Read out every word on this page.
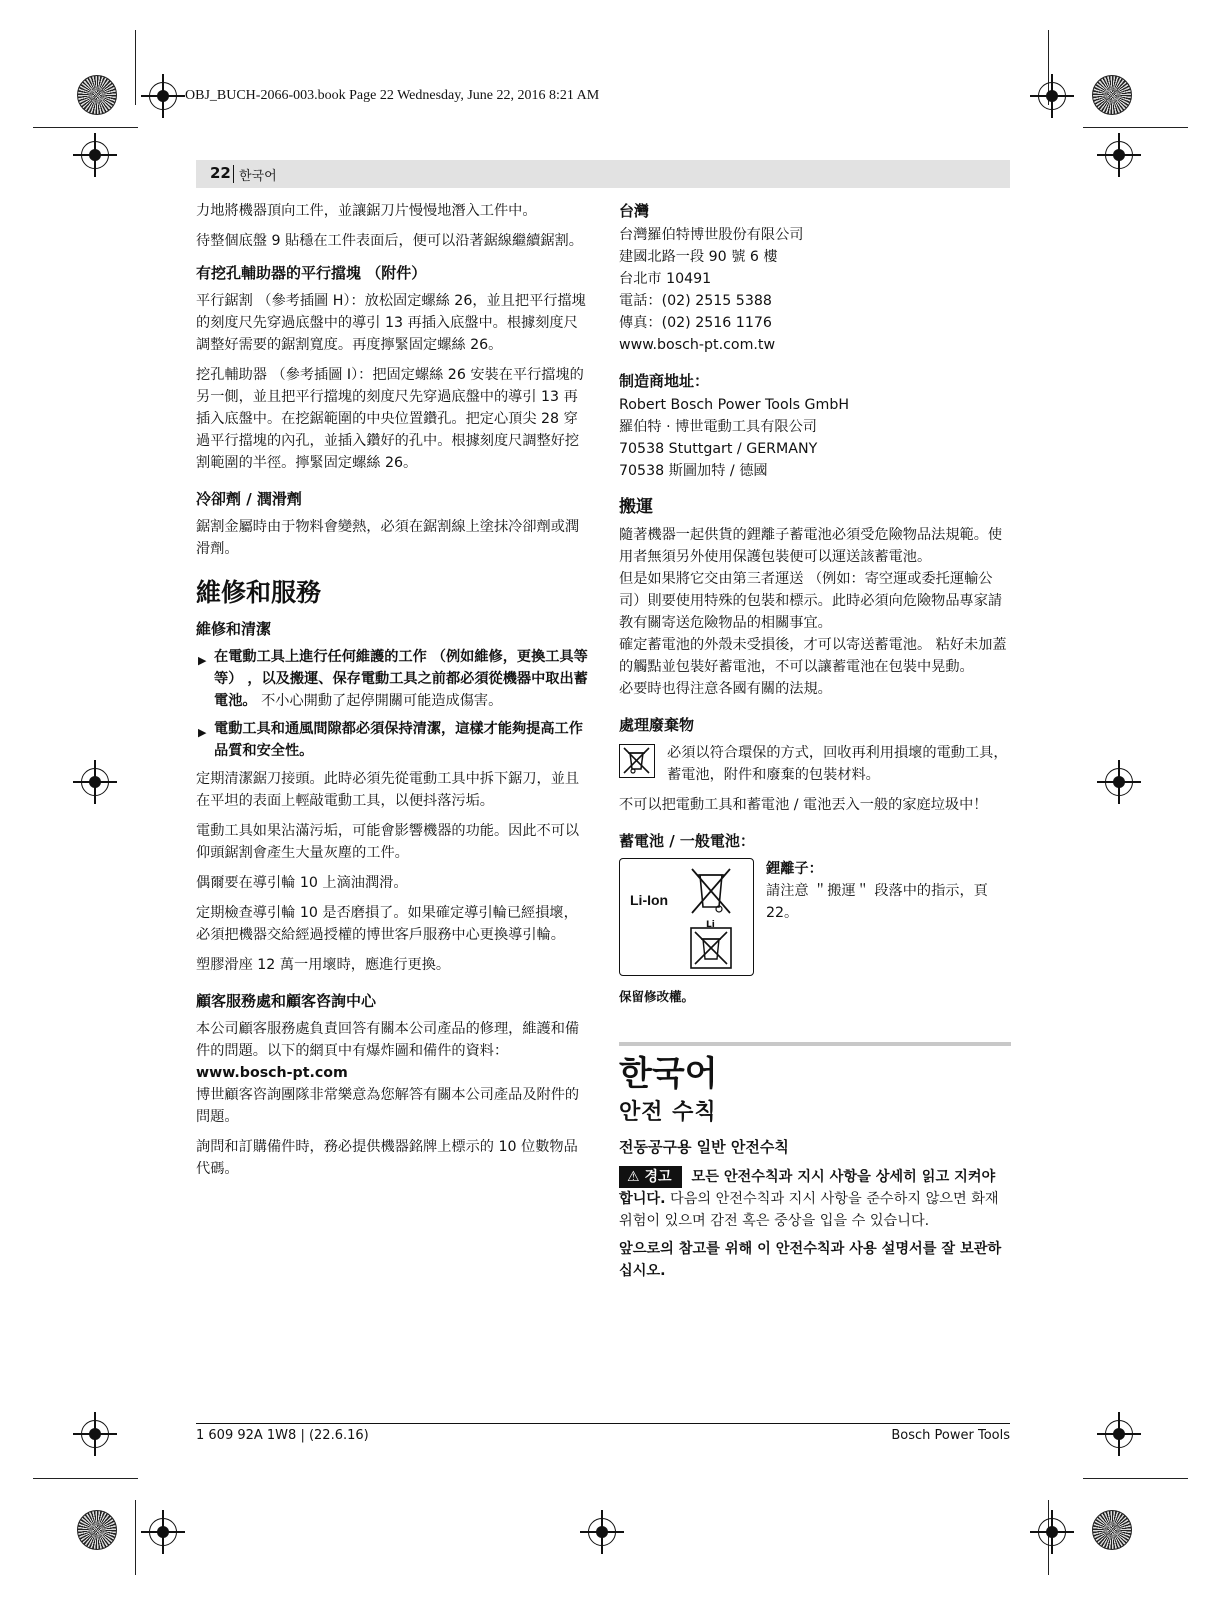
OBJ_BUCH-2066-003.book Page 22 Wednesday, June 22, 2016 8:21 AM
22 한국어

力地將機器頂向工件，並讓鋸刀片慢慢地潛入工件中。

待整個底盤 9 貼穩在工件表面后，便可以沿著鋸線繼續鋸割。

有挖孔輔助器的平行擋塊 （附件）

平行鋸割 （參考插圖 H）：放松固定螺絲 26，並且把平行擋塊的刻度尺先穿過底盤中的導引 13 再插入底盤中。根據刻度尺調整好需要的鋸割寬度。再度擰緊固定螺絲 26。

挖孔輔助器 （參考插圖 I）：把固定螺絲 26 安裝在平行擋塊的另一側，並且把平行擋塊的刻度尺先穿過底盤中的導引 13 再插入底盤中。在挖鋸範圍的中央位置鑽孔。把定心頂尖 28 穿過平行擋塊的內孔，並插入鑽好的孔中。根據刻度尺調整好挖割範圍的半徑。擰緊固定螺絲 26。

冷卻劑 / 潤滑劑

鋸割金屬時由于物料會變熱，必須在鋸割線上塗抹冷卻劑或潤滑劑。

維修和服務
維修和清潔
▶ 在電動工具上進行任何維護的工作 （例如維修，更換工具等等） ，以及搬運、保存電動工具之前都必須從機器中取出蓄電池。 不小心開動了起停開關可能造成傷害。
▶ 電動工具和通風間隙都必須保持清潔，這樣才能夠提高工作品質和安全性。

定期清潔鋸刀接頭。此時必須先從電動工具中拆下鋸刀，並且在平坦的表面上輕敲電動工具，以便抖落污垢。

電動工具如果沾滿污垢，可能會影響機器的功能。因此不可以仰頭鋸割會產生大量灰塵的工件。

偶爾要在導引輪 10 上滴油潤滑。

定期檢查導引輪 10 是否磨損了。如果確定導引輪已經損壞， 必須把機器交給經過授權的博世客戶服務中心更換導引輪。

塑膠滑座 12 萬一用壞時，應進行更換。

顧客服務處和顧客咨詢中心

本公司顧客服務處負責回答有關本公司產品的修理，維護和備件的問題。以下的網頁中有爆炸圖和備件的資料：

www.bosch-pt.com

博世顧客咨詢團隊非常樂意為您解答有關本公司產品及附件的問題。

詢問和訂購備件時，務必提供機器銘牌上標示的 10 位數物品代碼。

台灣
台灣羅伯特博世股份有限公司
建國北路一段 90 號 6 樓
台北市 10491
電話：(02) 2515 5388
傳真：(02) 2516 1176
www.bosch-pt.com.tw
制造商地址：
Robert Bosch Power Tools GmbH
羅伯特 · 博世電動工具有限公司
70538 Stuttgart / GERMANY
70538 斯圖加特 / 德國
搬運

隨著機器一起供貨的鋰離子蓄電池必須受危險物品法規範。使用者無須另外使用保護包裝便可以運送該蓄電池。

但是如果將它交由第三者運送 （例如：寄空運或委托運輸公司）則要使用特殊的包裝和標示。此時必須向危險物品專家請教有關寄送危險物品的相關事宜。

確定蓄電池的外殼未受損後，才可以寄送蓄電池。 粘好未加蓋的觸點並包裝好蓄電池，不可以讓蓄電池在包裝中晃動。

必要時也得注意各國有關的法規。

處理廢棄物
必須以符合環保的方式，回收再利用損壞的電動工具，蓄電池，附件和廢棄的包裝材料。

不可以把電動工具和蓄電池 / 電池丟入一般的家庭垃圾中！

蓄電池 / 一般電池：
Li-Ion
Li
鋰離子：
請注意 ＂搬運＂ 段落中的指示，頁 22。

保留修改權。

한국어
안전 수칙
전동공구용 일반 안전수칙

⚠ 경고 모든 안전수칙과 지시 사항을 상세히 읽고 지켜야 합니다. 다음의 안전수칙과 지시 사항을 준수하지 않으면 화재 위험이 있으며 감전 혹은 중상을 입을 수 있습니다.

앞으로의 참고를 위해 이 안전수칙과 사용 설명서를 잘 보관하십시오.

1 609 92A 1W8 | (22.6.16)	Bosch Power Tools
